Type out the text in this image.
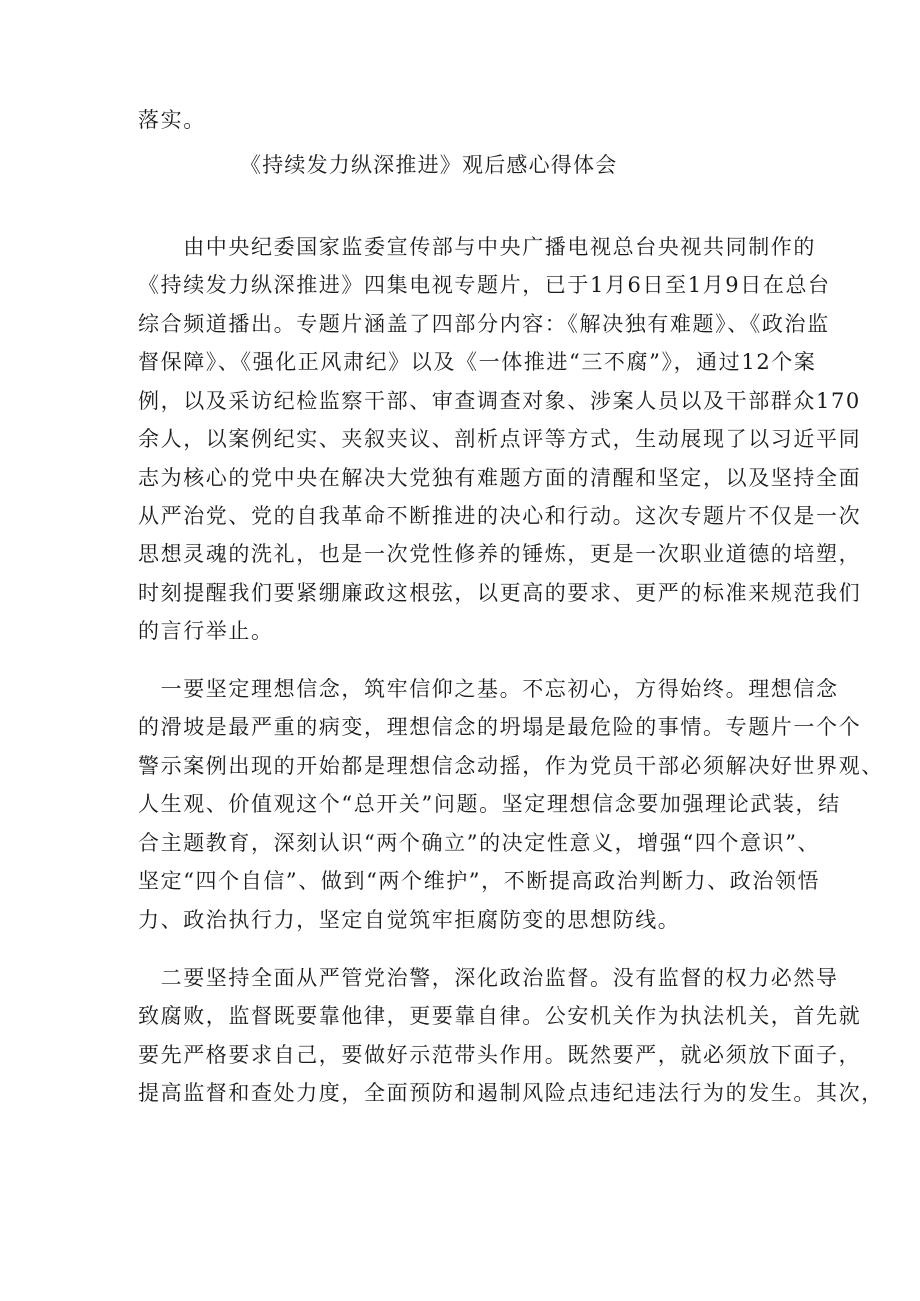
落实。
《持续发力纵深推进》观后感心得体会
　　由中央纪委国家监委宣传部与中央广播电视总台央视共同制作的
《持续发力纵深推进》四集电视专题片，已于1月6日至1月9日在总台
综合频道播出。专题片涵盖了四部分内容：《解决独有难题》、《政治监
督保障》、《强化正风肃纪》以及《一体推进“三不腐”》，通过12个案
例，以及采访纪检监察干部、审查调查对象、涉案人员以及干部群众170
余人，以案例纪实、夹叙夹议、剖析点评等方式，生动展现了以习近平同
志为核心的党中央在解决大党独有难题方面的清醒和坚定，以及坚持全面
从严治党、党的自我革命不断推进的决心和行动。这次专题片不仅是一次
思想灵魂的洗礼，也是一次党性修养的锤炼，更是一次职业道德的培塑，
时刻提醒我们要紧绷廉政这根弦，以更高的要求、更严的标准来规范我们
的言行举止。
　一要坚定理想信念，筑牢信仰之基。不忘初心，方得始终。理想信念
的滑坡是最严重的病变，理想信念的坍塌是最危险的事情。专题片一个个
警示案例出现的开始都是理想信念动摇，作为党员干部必须解决好世界观、
人生观、价值观这个“总开关”问题。坚定理想信念要加强理论武装，结
合主题教育，深刻认识“两个确立”的决定性意义，增强“四个意识”、
坚定“四个自信”、做到“两个维护”，不断提高政治判断力、政治领悟
力、政治执行力，坚定自觉筑牢拒腐防变的思想防线。
　二要坚持全面从严管党治警，深化政治监督。没有监督的权力必然导
致腐败，监督既要靠他律，更要靠自律。公安机关作为执法机关，首先就
要先严格要求自己，要做好示范带头作用。既然要严，就必须放下面子，
提高监督和查处力度，全面预防和遏制风险点违纪违法行为的发生。其次，
